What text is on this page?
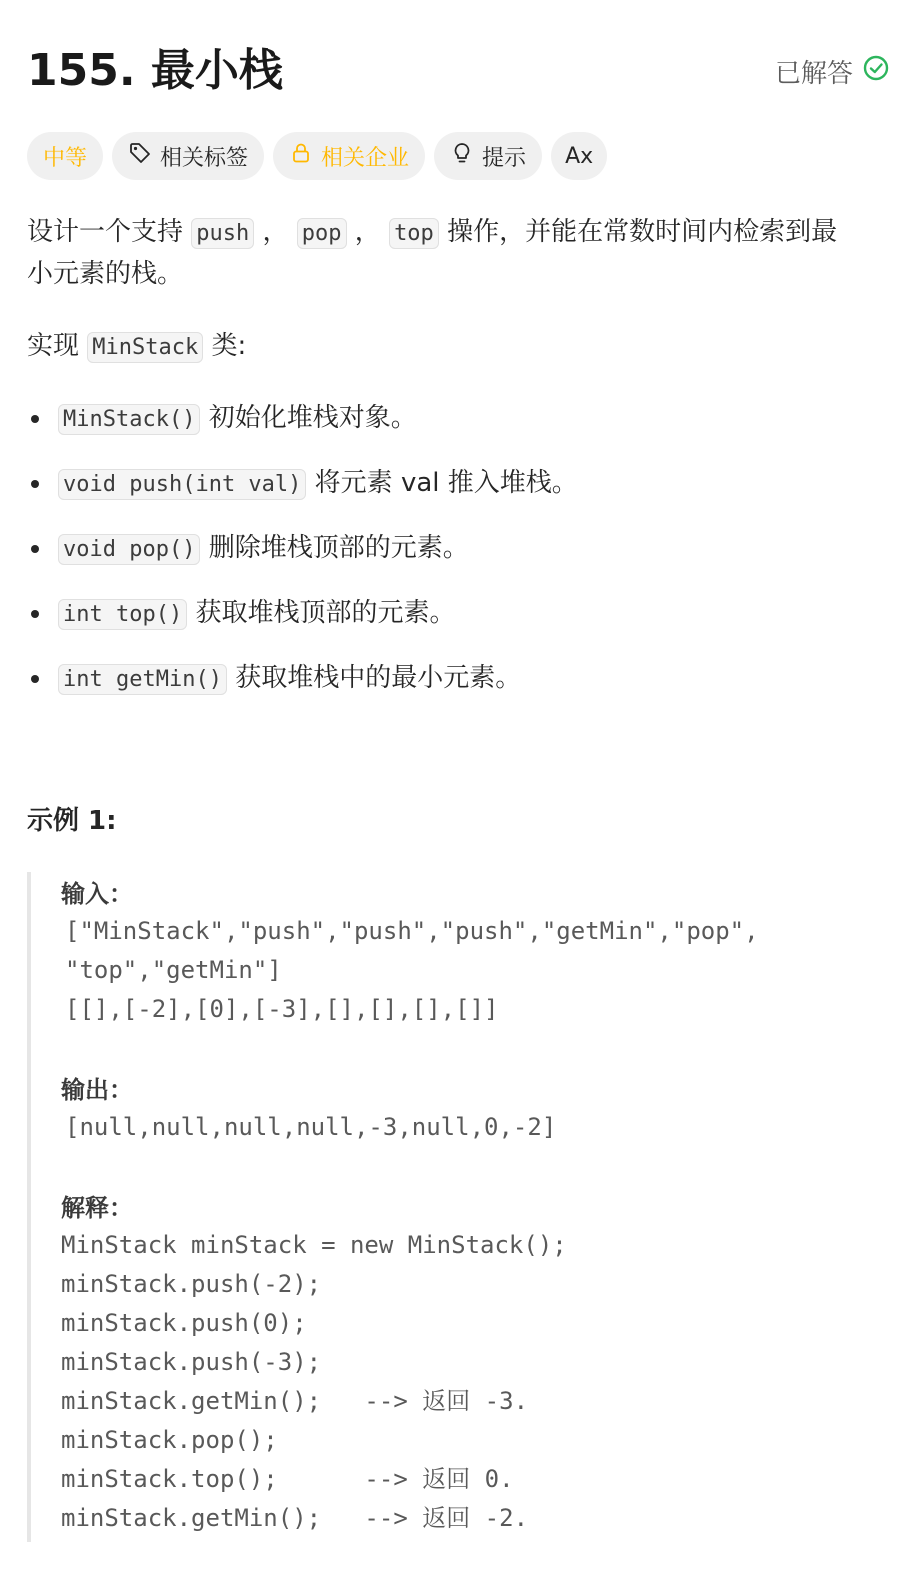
155. 最小栈	已解答
中等	相关标签	相关企业	提示 Ax
设计一个支持 push ， pop ， top 操作，并能在常数时间内检索到最
小元素的栈。
实现 MinStack 类:
MinStack() 初始化堆栈对象。
void push(int val) 将元素 val 推入堆栈。
void pop() 删除堆栈顶部的元素。
int top() 获取堆栈顶部的元素。
int getMin() 获取堆栈中的最小元素。
示例 1:
输入：
["MinStack","push","push","push","getMin","pop",
"top","getMin"]
[[],[-2],[0],[-3],[],[],[],[]]
输出：
[null,null,null,null,-3,null,0,-2]
解释：
MinStack minStack = new MinStack();
minStack.push(-2);
minStack.push(0);
minStack.push(-3);
minStack.getMin();   --> 返回 -3.
minStack.pop();
minStack.top();      --> 返回 0.
minStack.getMin();   --> 返回 -2.
